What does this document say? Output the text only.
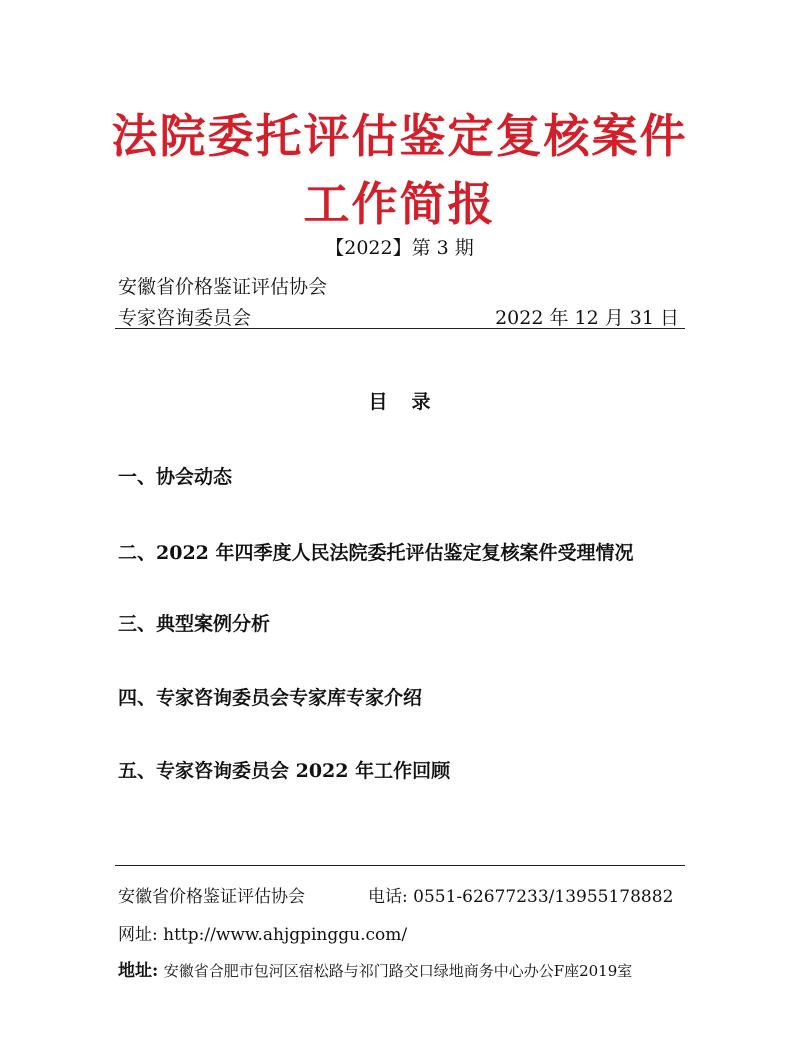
法院委托评估鉴定复核案件
工作简报
【2022】第 3 期
安徽省价格鉴证评估协会
专家咨询委员会	2022 年 12 月 31 日
目录
一、协会动态
二、2022 年四季度人民法院委托评估鉴定复核案件受理情况
三、典型案例分析
四、专家咨询委员会专家库专家介绍
五、专家咨询委员会 2022 年工作回顾
安徽省价格鉴证评估协会	电话: 0551-62677233/13955178882
网址: http://www.ahjgpinggu.com/
地址: 安徽省合肥市包河区宿松路与祁门路交口绿地商务中心办公F座2019室
